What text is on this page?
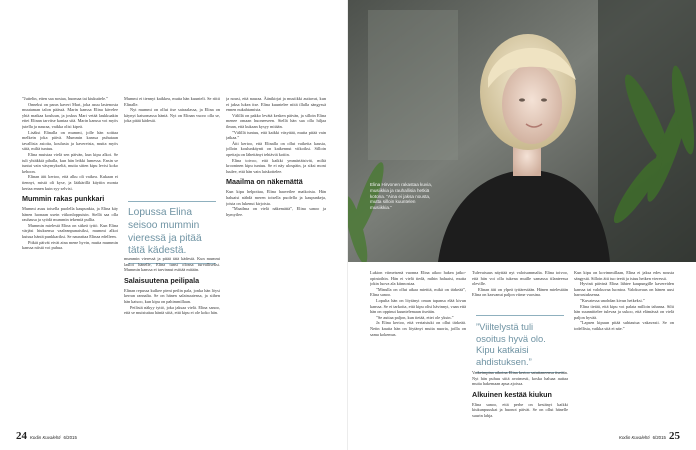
”Juttelin, etten saa nostaa, huomaa tai kiukuttele.”

Onneksi on paras kaveri Mari, joka asuu lastenosta muutaman talon päässä. Marin kanssa Elina kävelee yhtä matkaa kouluun, ja joskus Mari vetää laukkuakin ettei Elinan tarvitse kantaa sitä. Marin kanssa voi myös jutella ja nauraa, vaikka olisi kipeä.

Lisäksi Elinalla on mummi, jolle hän soittaa melkein joka päivä. Mummin kanssa puhutaan tavallisia asioita, koulusta ja kavereista, mutta myös siitä, miltä tuntuu.

Elina muistaa vielä sen päivän, kun kipu alkoi. Se tuli yhtäkkiä pihalla, kun hän leikki lumessa. Ensin se tuntui vain väsymykseltä, mutta sitten kipu levisi koko kehoon.

Elinan äiti kertoo, että alku oli vaikea. Kukaan ei tiennyt, mistä oli kyse, ja lääkärillä käytiin monta kertaa ennen kuin syy selvisi.

Mummin rakas punkkari

Mummi asuu toisella puolella kaupunkia, ja Elina käy hänen luonaan usein viikonloppuisin. Siellä saa olla rauhassa ja syödä mummin tekemiä pullia.

Mummin mielestä Elina on sitkeä tyttö. Kun Elina värjäsi hiuksensa vaaleanpunaisiksi, mummi alkoi kutsua häntä punkkariksi. Se naurattaa Elinaa edelleen.

Pitkät päivät eivät aina mene hyvin, mutta mummin kanssa niistä voi puhua.

Mummi ei tiennyt kaikkea, mutta hän kuunteli. Se riitti Elinalle.

Nyt mummi on ollut itse sairaalassa, ja Elina on käynyt katsomassa häntä. Nyt on Elinan vuoro olla se, joka pitää kädestä.

Lopussa Elina seisoo mummin vieressä ja pitää tätä kädestä.

mummin vieressä ja pitää tätä kädestä. Kun mummi lauloi hänelle, Elina tunsi olonsa turvalliseksi. Mummin kanssa ei tarvinnut esittää mitään.

Salaisuutena peilipala

Elinan repussa kulkee pieni peilin pala, jonka hän löysi kerran rannalta. Se on hänen salaisuutensa, ja siihen hän katsoo, kun kipu on pahimmillaan.

Peilistä näkyy tyttö, joka jaksaa vielä. Elina sanoo, että se muistuttaa häntä siitä, että kipu ei ole koko hän.

ja nousi, että nauraa. Äänikirjat ja musiikki auttavat, kun ei jaksa lukea itse. Elina kuuntelee niitä illalla sängyssä ennen nukahtamista.

Välillä on pakko levätä kesken päivän, ja silloin Elina menee omaan huoneeseen. Siellä hän saa olla hiljaa ilman, että kukaan kysyy mitään.

”Välillä tuntuu, että kaikki väsyttää, mutta pitää vain jatkaa.”

Äiti kertoo, että Elinalla on ollut vaikeita kausia, jolloin koulunkäynti on katkennut viikoiksi. Silloin opettaja on lähettänyt tehtäviä kotiin.

Elina toivoo, että kaikki ymmärtäisivät, miltä krooninen kipu tuntuu. Se ei näy ulospäin, ja siksi moni luulee, että hän vain laiskottelee.

Maailma on näkemättä

Kun kipu helpottaa, Elina haaveilee matkoista. Hän haluaisi nähdä meren toisella puolella ja kaupunkeja, joista on lukenut kirjoista.

”Maailma on vielä näkemättä”, Elina sanoo ja hymyilee.

24 Kodin Kuvalehti 6/2015
Elina Hirvonen rakastaa kuvia, musiikkia ja rauhallisia hetkiä kotona. ”Aina ei jaksa nousta, mutta silloin kuuntelen musiikkia.”

Lukion viimeisenä vuonna Elina aikoo hakea jatko-opintoihin. Hän ei vielä tiedä, mihin haluaisi, mutta jokin luova ala kiinnostaa.

”Minulla on ollut aikaa miettiä, mikä on tärkeää”, Elina sanoo.

Lopulta hän on löytänyt oman tapansa elää kivun kanssa. Se ei tarkoita, että kipu olisi hävinnyt, vaan että hän on oppinut kuuntelemaan itseään.

”Se auttaa paljon, kun tietää, ettei ole yksin.”

Ja Elina kertoo, että vertaistuki on ollut tärkeää. Netin kautta hän on löytänyt muita nuoria, joilla on sama kokemus.

Tulevaisuus näyttää nyt valoisammalta. Elina toivoo, että hän voi olla tukena muille samassa tilanteessa oleville.

Elinan äiti on ylpeä tyttärestään. Hänen mielestään Elina on kasvanut paljon viime vuosina.

”Viiltelystä tuli osoitus hyvä olo. Kipu katkaisi ahdistuksen.”

Vaikeimpina aikoina Elina kertoo satuttaneensa itseään. Nyt hän puhuu siitä avoimesti, koska haluaa auttaa muita hakemaan apua ajoissa.

Alkuinen kestää kiukun

Elina sanoo, että perhe on kestänyt kaikki kiukunpuuskat ja huonot päivät. Se on ollut hänelle suurin lahja.

Kun kipu on kovimmillaan, Elina ei jaksa edes nousta sängystä. Silloin äiti tuo teetä ja istuu hetken vieressä.

Hyvinä päivinä Elina lähtee kaupungille kavereiden kanssa tai valokuvaa luontoa. Valokuvaus on hänen uusi harrastuksensa.

”Kuvatessa unohdan kivun hetkeksi.”

Elina tietää, että kipu voi palata milloin tahansa. Silti hän suunnittelee tulevaa ja uskoo, että elämässä on vielä paljon hyvää.

”Lapsen kipuun pitää suhtautua vakavasti. Se on todellista, vaikka sitä ei näe.”

Kodin Kuvalehti 6/2015 25
